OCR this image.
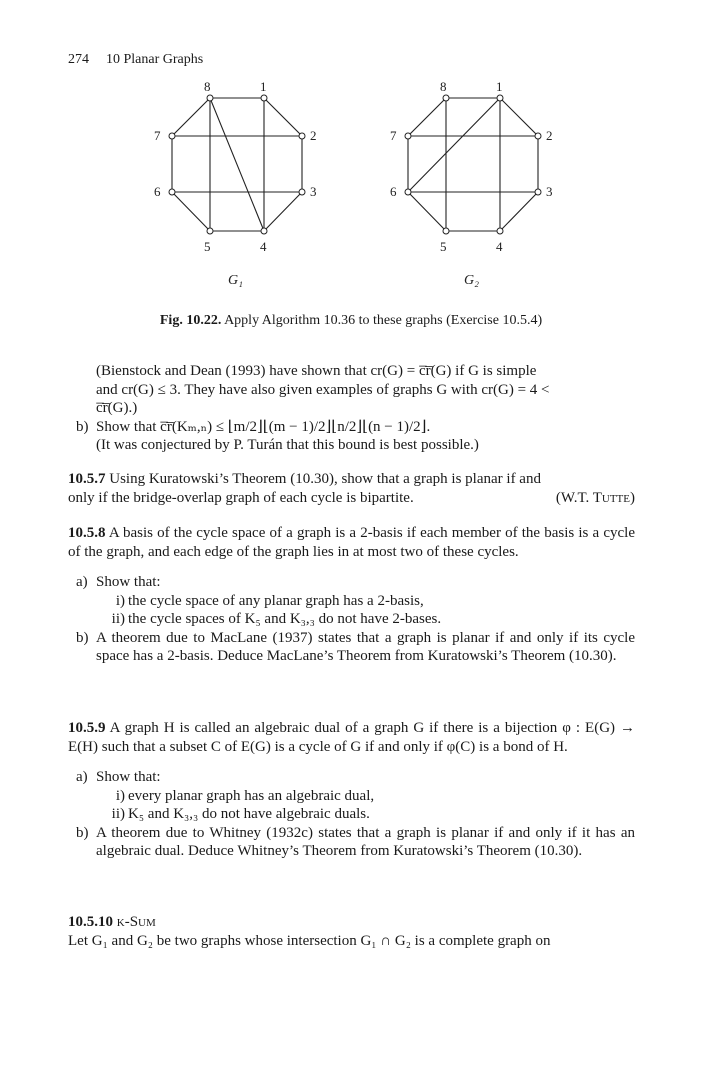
274 10 Planar Graphs
1
2
3
4
5
6
7
8
G₁
1
2
3
4
5
6
7
8
G₂
Fig. 10.22. Apply Algorithm 10.36 to these graphs (Exercise 10.5.4)
(Bienstock and Dean (1993) have shown that cr(G) = c̅r̅(G) if G is simple
and cr(G) ≤ 3. They have also given examples of graphs G with cr(G) = 4 <
c̅r̅(G).)
b) Show that c̅r̅(Kₘ,ₙ) ≤ ⌊m/2⌋⌊(m − 1)/2⌋⌊n/2⌋⌊(n − 1)/2⌋.
(It was conjectured by P. Turán that this bound is best possible.)
10.5.7 Using Kuratowski’s Theorem (10.30), show that a graph is planar if and
only if the bridge-overlap graph of each cycle is bipartite.	(W.T. Tutte)
10.5.8 A basis of the cycle space of a graph is a 2-basis if each member of the basis is a cycle of the graph, and each edge of the graph lies in at most two of these cycles.
a) Show that:
i) the cycle space of any planar graph has a 2-basis,
ii) the cycle spaces of K₅ and K₃,₃ do not have 2-bases.
b) A theorem due to MacLane (1937) states that a graph is planar if and only if its cycle space has a 2-basis. Deduce MacLane’s Theorem from Kuratowski’s Theorem (10.30).
10.5.9 A graph H is called an algebraic dual of a graph G if there is a bijection φ : E(G) → E(H) such that a subset C of E(G) is a cycle of G if and only if φ(C) is a bond of H.
a) Show that:
i) every planar graph has an algebraic dual,
ii) K₅ and K₃,₃ do not have algebraic duals.
b) A theorem due to Whitney (1932c) states that a graph is planar if and only if it has an algebraic dual. Deduce Whitney’s Theorem from Kuratowski’s Theorem (10.30).
10.5.10 k-Sum
Let G₁ and G₂ be two graphs whose intersection G₁ ∩ G₂ is a complete graph on
